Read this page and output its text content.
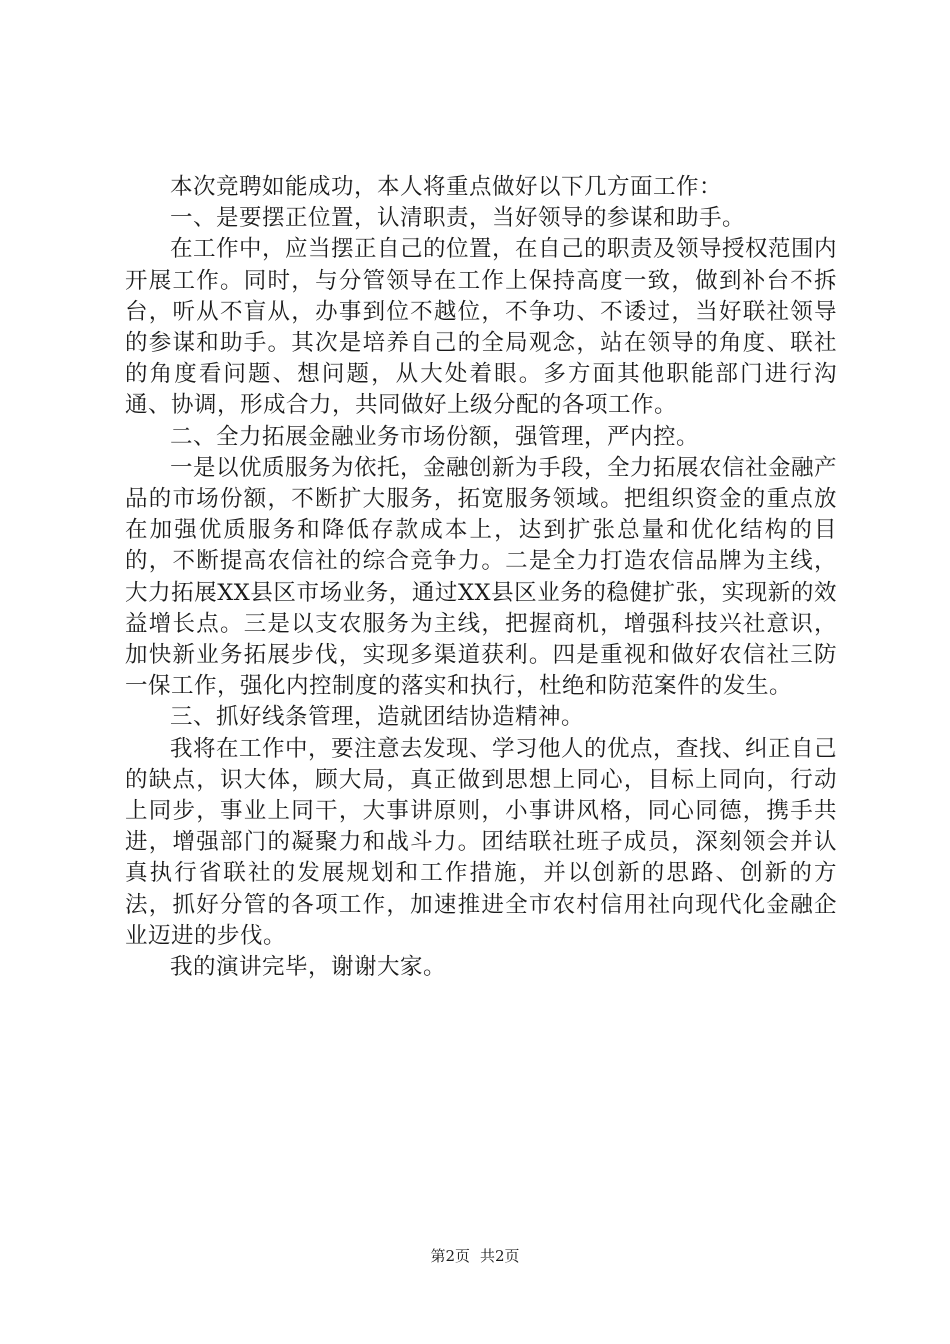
本次竞聘如能成功，本人将重点做好以下几方面工作：

一、是要摆正位置，认清职责，当好领导的参谋和助手。

在工作中，应当摆正自己的位置，在自己的职责及领导授权范围内开展工作。同时，与分管领导在工作上保持高度一致，做到补台不拆台，听从不盲从，办事到位不越位，不争功、不诿过，当好联社领导的参谋和助手。其次是培养自己的全局观念，站在领导的角度、联社的角度看问题、想问题，从大处着眼。多方面其他职能部门进行沟通、协调，形成合力，共同做好上级分配的各项工作。

二、全力拓展金融业务市场份额，强管理，严内控。

一是以优质服务为依托，金融创新为手段，全力拓展农信社金融产品的市场份额，不断扩大服务，拓宽服务领域。把组织资金的重点放在加强优质服务和降低存款成本上，达到扩张总量和优化结构的目的，不断提高农信社的综合竞争力。二是全力打造农信品牌为主线，大力拓展XX县区市场业务，通过XX县区业务的稳健扩张，实现新的效益增长点。三是以支农服务为主线，把握商机，增强科技兴社意识，加快新业务拓展步伐，实现多渠道获利。四是重视和做好农信社三防一保工作，强化内控制度的落实和执行，杜绝和防范案件的发生。

三、抓好线条管理，造就团结协造精神。

我将在工作中，要注意去发现、学习他人的优点，查找、纠正自己的缺点，识大体，顾大局，真正做到思想上同心，目标上同向，行动上同步，事业上同干，大事讲原则，小事讲风格，同心同德，携手共进，增强部门的凝聚力和战斗力。团结联社班子成员，深刻领会并认真执行省联社的发展规划和工作措施，并以创新的思路、创新的方法，抓好分管的各项工作，加速推进全市农村信用社向现代化金融企业迈进的步伐。

我的演讲完毕，谢谢大家。

第2页 共2页
